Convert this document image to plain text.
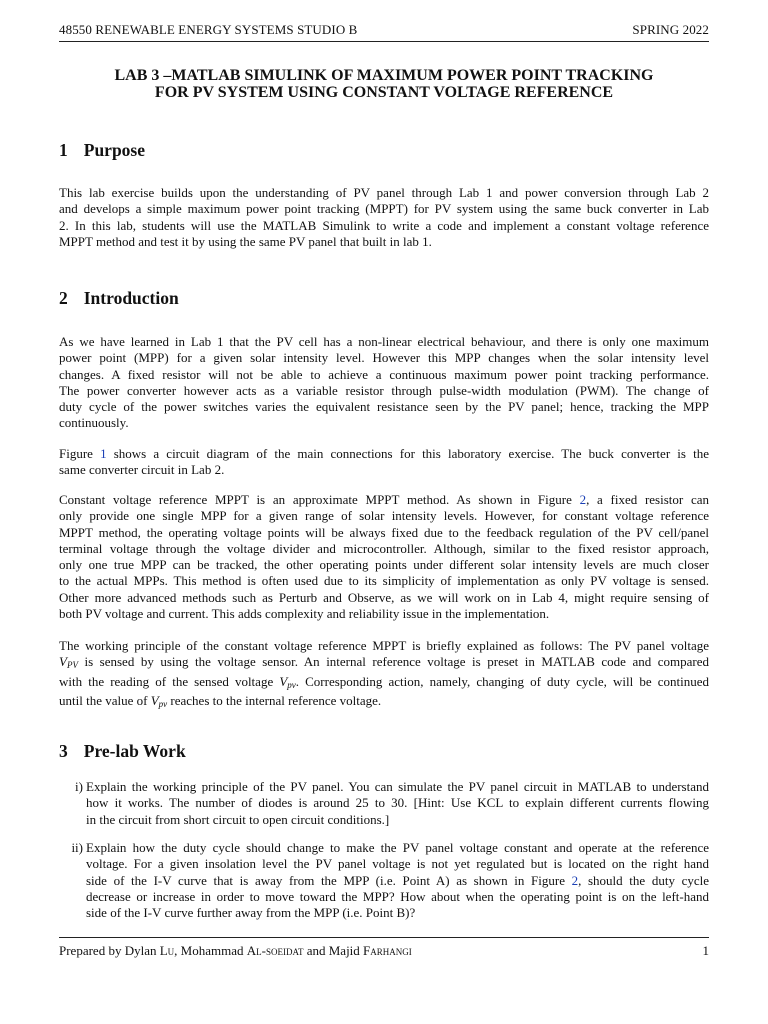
48550 RENEWABLE ENERGY SYSTEMS STUDIO B	SPRING 2022
LAB 3 –MATLAB SIMULINK OF MAXIMUM POWER POINT TRACKING
FOR PV SYSTEM USING CONSTANT VOLTAGE REFERENCE
1 Purpose
This lab exercise builds upon the understanding of PV panel through Lab 1 and power conversion through Lab 2
and develops a simple maximum power point tracking (MPPT) for PV system using the same buck converter in Lab
2. In this lab, students will use the MATLAB Simulink to write a code and implement a constant voltage reference
MPPT method and test it by using the same PV panel that built in lab 1.
2 Introduction
As we have learned in Lab 1 that the PV cell has a non-linear electrical behaviour, and there is only one maximum
power point (MPP) for a given solar intensity level. However this MPP changes when the solar intensity level
changes. A fixed resistor will not be able to achieve a continuous maximum power point tracking performance.
The power converter however acts as a variable resistor through pulse-width modulation (PWM). The change of
duty cycle of the power switches varies the equivalent resistance seen by the PV panel; hence, tracking the MPP
continuously.
Figure 1 shows a circuit diagram of the main connections for this laboratory exercise. The buck converter is the
same converter circuit in Lab 2.
Constant voltage reference MPPT is an approximate MPPT method. As shown in Figure 2, a fixed resistor can
only provide one single MPP for a given range of solar intensity levels. However, for constant voltage reference
MPPT method, the operating voltage points will be always fixed due to the feedback regulation of the PV cell/panel
terminal voltage through the voltage divider and microcontroller. Although, similar to the fixed resistor approach,
only one true MPP can be tracked, the other operating points under different solar intensity levels are much closer
to the actual MPPs. This method is often used due to its simplicity of implementation as only PV voltage is sensed.
Other more advanced methods such as Perturb and Observe, as we will work on in Lab 4, might require sensing of
both PV voltage and current. This adds complexity and reliability issue in the implementation.
The working principle of the constant voltage reference MPPT is briefly explained as follows: The PV panel voltage
$V_{PV}$ is sensed by using the voltage sensor. An internal reference voltage is preset in MATLAB code and compared
with the reading of the sensed voltage $V_{pv}$. Corresponding action, namely, changing of duty cycle, will be continued
until the value of $V_{pv}$ reaches to the internal reference voltage.
3 Pre-lab Work
i) Explain the working principle of the PV panel. You can simulate the PV panel circuit in MATLAB to understand
how it works. The number of diodes is around 25 to 30. [Hint: Use KCL to explain different currents flowing
in the circuit from short circuit to open circuit conditions.]
ii) Explain how the duty cycle should change to make the PV panel voltage constant and operate at the reference
voltage. For a given insolation level the PV panel voltage is not yet regulated but is located on the right hand
side of the I-V curve that is away from the MPP (i.e. Point A) as shown in Figure 2, should the duty cycle
decrease or increase in order to move toward the MPP? How about when the operating point is on the left-hand
side of the I-V curve further away from the MPP (i.e. Point B)?
Prepared by Dylan Lu, Mohammad Al-soeidat and Majid Farhangi	1
